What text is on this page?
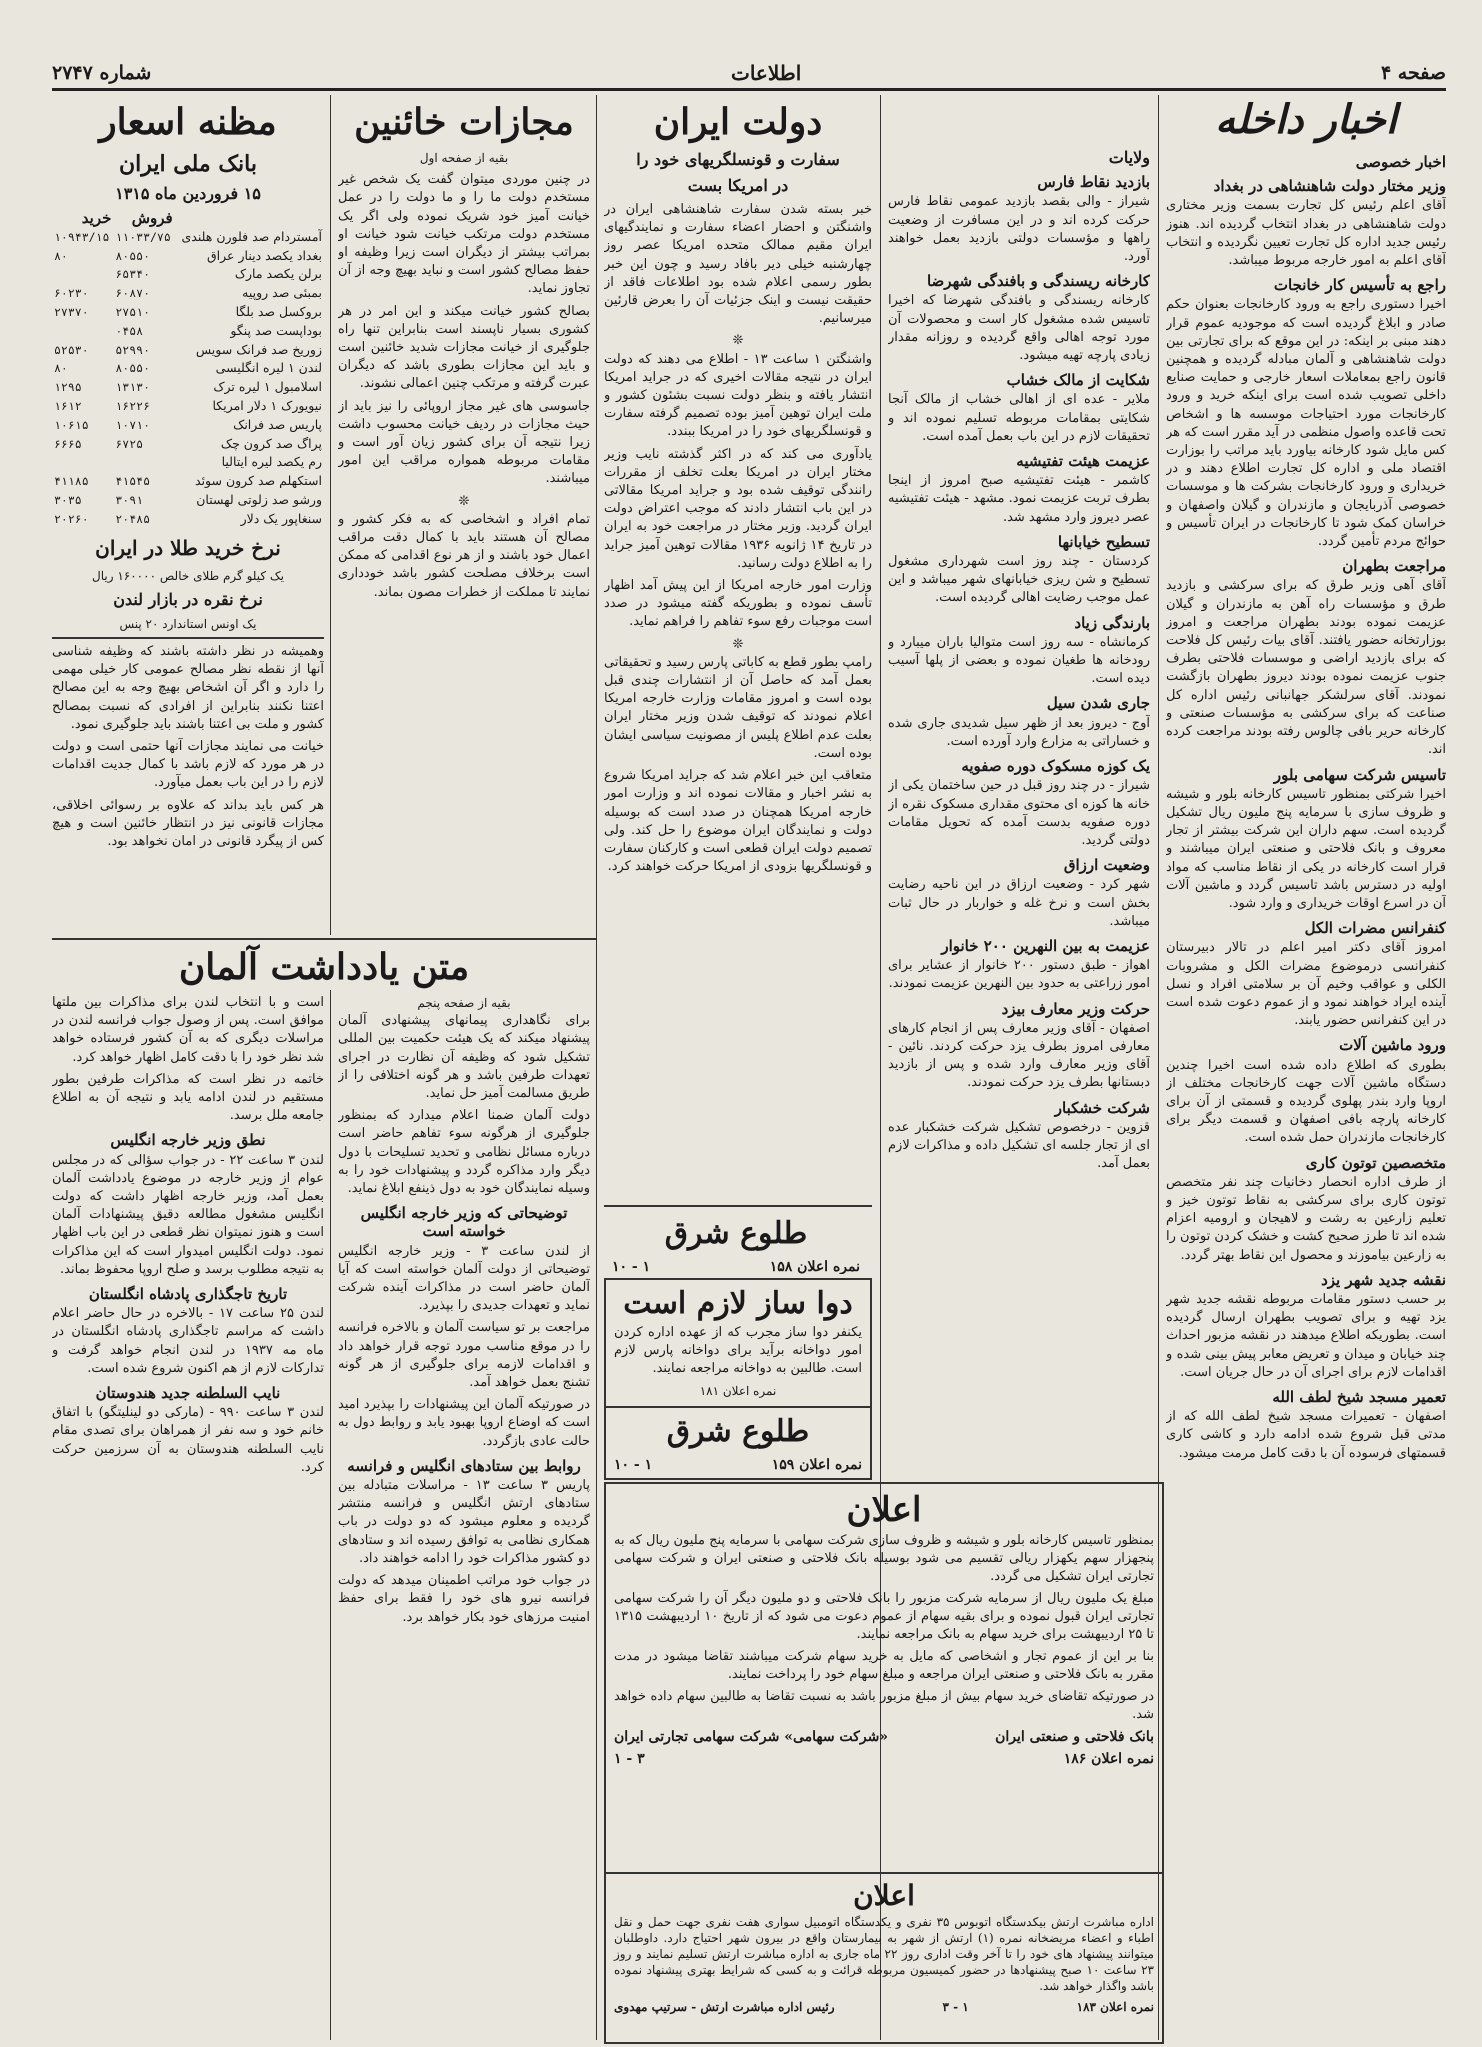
صفحه ۴
اطلاعات
شماره ۲۷۴۷
اخبار داخله
اخبار خصوصی
وزیر مختار دولت شاهنشاهی در بغداد

آقای اعلم رئیس کل تجارت بسمت وزیر مختاری دولت شاهنشاهی در بغداد انتخاب گردیده اند. هنوز رئیس جدید اداره کل تجارت تعیین نگردیده و انتخاب آقای اعلم به امور خارجه مربوط میباشد.

راجع به تأسیس کار خانجات

اخیرا دستوری راجع به ورود کارخانجات بعنوان حکم صادر و ابلاغ گردیده است که موجودیه عموم قرار دهند مبنی بر اینکه: در این موقع که برای تجارتی بین دولت شاهنشاهی و آلمان مبادله گردیده و همچنین قانون راجع بمعاملات اسعار خارجی و حمایت صنایع داخلی تصویب شده است برای اینکه خرید و ورود کارخانجات مورد احتیاجات موسسه ها و اشخاص تحت قاعده واصول منظمی در آید مقرر است که هر کس مایل شود کارخانه بیاورد باید مراتب را بوزارت اقتصاد ملی و اداره کل تجارت اطلاع دهند و در خریداری و ورود کارخانجات بشرکت ها و موسسات خصوصی آذربایجان و مازندران و گیلان واصفهان و خراسان کمک شود تا کارخانجات در ایران تأسیس و حوائج مردم تأمین گردد.

مراجعت بطهران

آقای آهی وزیر طرق که برای سرکشی و بازدید طرق و مؤسسات راه آهن به مازندران و گیلان عزیمت نموده بودند بطهران مراجعت و امروز بوزارتخانه حضور یافتند. آقای بیات رئیس کل فلاحت که برای بازدید اراضی و موسسات فلاحتی بطرف جنوب عزیمت نموده بودند دیروز بطهران بازگشت نمودند. آقای سرلشکر جهانبانی رئیس اداره کل صناعت که برای سرکشی به مؤسسات صنعتی و کارخانه حریر بافی چالوس رفته بودند مراجعت کرده اند.

تاسیس شرکت سهامی بلور

اخیرا شرکتی بمنظور تاسیس کارخانه بلور و شیشه و ظروف سازی با سرمایه پنج ملیون ریال تشکیل گردیده است. سهم داران این شرکت بیشتر از تجار معروف و بانک فلاحتی و صنعتی ایران میباشند و قرار است کارخانه در یکی از نقاط مناسب که مواد اولیه در دسترس باشد تاسیس گردد و ماشین آلات آن در اسرع اوقات خریداری و وارد شود.

کنفرانس مضرات الکل

امروز آقای دکتر امیر اعلم در تالار دبیرستان کنفرانسی درموضوع مضرات الکل و مشروبات الکلی و عواقب وخیم آن بر سلامتی افراد و نسل آینده ایراد خواهند نمود و از عموم دعوت شده است در این کنفرانس حضور یابند.

ورود ماشین آلات

بطوری که اطلاع داده شده است اخیرا چندین دستگاه ماشین آلات جهت کارخانجات مختلف از اروپا وارد بندر پهلوی گردیده و قسمتی از آن برای کارخانه پارچه بافی اصفهان و قسمت دیگر برای کارخانجات مازندران حمل شده است.

متخصصین توتون کاری

از طرف اداره انحصار دخانیات چند نفر متخصص توتون کاری برای سرکشی به نقاط توتون خیز و تعلیم زارعین به رشت و لاهیجان و ارومیه اعزام شده اند تا طرز صحیح کشت و خشک کردن توتون را به زارعین بیاموزند و محصول این نقاط بهتر گردد.

نقشه جدید شهر یزد

بر حسب دستور مقامات مربوطه نقشه جدید شهر یزد تهیه و برای تصویب بطهران ارسال گردیده است. بطوریکه اطلاع میدهند در نقشه مزبور احداث چند خیابان و میدان و تعریض معابر پیش بینی شده و اقدامات لازم برای اجرای آن در حال جریان است.

تعمیر مسجد شیخ لطف الله

اصفهان - تعمیرات مسجد شیخ لطف الله که از مدتی قبل شروع شده ادامه دارد و کاشی کاری قسمتهای فرسوده آن با دقت کامل مرمت میشود.

ولایات
بازدید نقاط فارس

شیراز - والی بقصد بازدید عمومی نقاط فارس حرکت کرده اند و در این مسافرت از وضعیت راهها و مؤسسات دولتی بازدید بعمل خواهند آورد.

کارخانه ریسندگی و بافندگی شهرضا

کارخانه ریسندگی و بافندگی شهرضا که اخیرا تاسیس شده مشغول کار است و محصولات آن مورد توجه اهالی واقع گردیده و روزانه مقدار زیادی پارچه تهیه میشود.

شکایت از مالک خشاب

ملایر - عده ای از اهالی خشاب از مالک آنجا شکایتی بمقامات مربوطه تسلیم نموده اند و تحقیقات لازم در این باب بعمل آمده است.

عزیمت هیئت تفتیشیه

کاشمر - هیئت تفتیشیه صبح امروز از اینجا بطرف تربت عزیمت نمود. مشهد - هیئت تفتیشیه عصر دیروز وارد مشهد شد.

تسطیح خیابانها

کردستان - چند روز است شهرداری مشغول تسطیح و شن ریزی خیابانهای شهر میباشد و این عمل موجب رضایت اهالی گردیده است.

بارندگی زیاد

کرمانشاه - سه روز است متوالیا باران میبارد و رودخانه ها طغیان نموده و بعضی از پلها آسیب دیده است.

جاری شدن سیل

آوج - دیروز بعد از ظهر سیل شدیدی جاری شده و خساراتی به مزارع وارد آورده است.

یک کوزه مسکوک دوره صفویه

شیراز - در چند روز قبل در حین ساختمان یکی از خانه ها کوزه ای محتوی مقداری مسکوک نقره از دوره صفویه بدست آمده که تحویل مقامات دولتی گردید.

وضعیت ارزاق

شهر کرد - وضعیت ارزاق در این ناحیه رضایت بخش است و نرخ غله و خواربار در حال ثبات میباشد.

عزیمت به بین النهرین ۲۰۰ خانوار

اهواز - طبق دستور ۲۰۰ خانوار از عشایر برای امور زراعتی به حدود بین النهرین عزیمت نمودند.

حرکت وزیر معارف بیزد

اصفهان - آقای وزیر معارف پس از انجام کارهای معارفی امروز بطرف یزد حرکت کردند. نائین - آقای وزیر معارف وارد شده و پس از بازدید دبستانها بطرف یزد حرکت نمودند.

شرکت خشکبار

قزوین - درخصوص تشکیل شرکت خشکبار عده ای از تجار جلسه ای تشکیل داده و مذاکرات لازم بعمل آمد.

دولت ایران
سفارت و قونسلگریهای خود را
در امریکا بست

خبر بسته شدن سفارت شاهنشاهی ایران در واشنگتن و احضار اعضاء سفارت و نمایندگیهای ایران مقیم ممالک متحده امریکا عصر روز چهارشنبه خیلی دیر بافاد رسید و چون این خبر بطور رسمی اعلام شده بود اطلاعات فاقد از حقیقت نیست و اینک جزئیات آن را بعرض قارئین میرسانیم.

❊

واشنگتن ۱ ساعت ۱۳ - اطلاع می دهند که دولت ایران در نتیجه مقالات اخیری که در جراید امریکا انتشار یافته و بنظر دولت نسبت بشئون کشور و ملت ایران توهین آمیز بوده تصمیم گرفته سفارت و قونسلگریهای خود را در امریکا ببندد.

یادآوری می کند که در اکثر گذشته نایب وزیر مختار ایران در امریکا بعلت تخلف از مقررات رانندگی توقیف شده بود و جراید امریکا مقالاتی در این باب انتشار دادند که موجب اعتراض دولت ایران گردید. وزیر مختار در مراجعت خود به ایران در تاریخ ۱۴ ژانویه ۱۹۳۶ مقالات توهین آمیز جراید را به اطلاع دولت رسانید.

وزارت امور خارجه امریکا از این پیش آمد اظهار تأسف نموده و بطوریکه گفته میشود در صدد است موجبات رفع سوء تفاهم را فراهم نماید.

❊

رامپ بطور قطع به کاباتی پارس رسید و تحقیقاتی بعمل آمد که حاصل آن از انتشارات چندی قبل بوده است و امروز مقامات وزارت خارجه امریکا اعلام نمودند که توقیف شدن وزیر مختار ایران بعلت عدم اطلاع پلیس از مصونیت سیاسی ایشان بوده است.

متعاقب این خبر اعلام شد که جراید امریکا شروع به نشر اخبار و مقالات نموده اند و وزارت امور خارجه امریکا همچنان در صدد است که بوسیله دولت و نمایندگان ایران موضوع را حل کند. ولی تصمیم دولت ایران قطعی است و کارکنان سفارت و قونسلگریها بزودی از امریکا حرکت خواهند کرد.

مجازات خائنین
بقیه از صفحه اول

در چنین موردی میتوان گفت یک شخص غیر مستخدم دولت ما را و ما دولت را در عمل خیانت آمیز خود شریک نموده ولی اگر یک مستخدم دولت مرتکب خیانت شود خیانت او بمراتب بیشتر از دیگران است زیرا وظیفه او حفظ مصالح کشور است و نباید بهیچ وجه از آن تجاوز نماید.

بصالح کشور خیانت میکند و این امر در هر کشوری بسیار ناپسند است بنابراین تنها راه جلوگیری از خیانت مجازات شدید خائنین است و باید این مجازات بطوری باشد که دیگران عبرت گرفته و مرتکب چنین اعمالی نشوند.

جاسوسی های غیر مجاز اروپائی را نیز باید از حیث مجازات در ردیف خیانت محسوب داشت زیرا نتیجه آن برای کشور زیان آور است و مقامات مربوطه همواره مراقب این امور میباشند.

❊

تمام افراد و اشخاصی که به فکر کشور و مصالح آن هستند باید با کمال دقت مراقب اعمال خود باشند و از هر نوع اقدامی که ممکن است برخلاف مصلحت کشور باشد خودداری نمایند تا مملکت از خطرات مصون بماند.

مظنه اسعار
بانک ملی ایران
۱۵ فروردین ماه ۱۳۱۵
	فروش	خرید
آمستردام صد فلورن هلندی	۱۱۰۳۳/۷۵	۱۰۹۴۳/۱۵
بغداد یکصد دینار عراق	۸۰۵۵۰	۸۰
برلن یکصد مارک	۶۵۳۴۰	
بمبئی صد روپیه	۶۰۸۷۰	۶۰۲۳۰
بروکسل صد بلگا	۲۷۵۱۰	۲۷۳۷۰
بوداپست صد پنگو	۰۴۵۸	
زوریخ صد فرانک سویس	۵۲۹۹۰	۵۲۵۳۰
لندن ۱ لیره انگلیسی	۸۰۵۵۰	۸۰
اسلامبول ۱ لیره ترک	۱۳۱۳۰	۱۲۹۵
نیویورک ۱ دلار امریکا	۱۶۲۲۶	۱۶۱۲
پاریس صد فرانک	۱۰۷۱۰	۱۰۶۱۵
پراگ صد کرون چک	۶۷۲۵	۶۶۶۵
رم یکصد لیره ایتالیا		
استکهلم صد کرون سوئد	۴۱۵۴۵	۴۱۱۸۵
ورشو صد زلوتی لهستان	۳۰۹۱	۳۰۳۵
سنغاپور یک دلار	۲۰۴۸۵	۲۰۲۶۰
نرخ خرید طلا در ایران
یک کیلو گرم طلای خالص ۱۶۰۰۰۰ ریال
نرخ نقره در بازار لندن
یک اونس استاندارد ۲۰ پنس

وهمیشه در نظر داشته باشند که وظیفه شناسی آنها از نقطه نظر مصالح عمومی کار خیلی مهمی را دارد و اگر آن اشخاص بهیچ وجه به این مصالح اعتنا نکنند بنابراین از افرادی که نسبت بمصالح کشور و ملت بی اعتنا باشند باید جلوگیری نمود.

خیانت می نمایند مجازات آنها حتمی است و دولت در هر مورد که لازم باشد با کمال جدیت اقدامات لازم را در این باب بعمل میآورد.

هر کس باید بداند که علاوه بر رسوائی اخلاقی، مجازات قانونی نیز در انتظار خائنین است و هیچ کس از پیگرد قانونی در امان نخواهد بود.

متن یادداشت آلمان
بقیه از صفحه پنجم

برای نگاهداری پیمانهای پیشنهادی آلمان پیشنهاد میکند که یک هیئت حکمیت بین المللی تشکیل شود که وظیفه آن نظارت در اجرای تعهدات طرفین باشد و هر گونه اختلافی را از طریق مسالمت آمیز حل نماید.

دولت آلمان ضمنا اعلام میدارد که بمنظور جلوگیری از هرگونه سوء تفاهم حاضر است درباره مسائل نظامی و تحدید تسلیحات با دول دیگر وارد مذاکره گردد و پیشنهادات خود را به وسیله نمایندگان خود به دول ذینفع ابلاغ نماید.

توضیحاتی که وزیر خارجه انگلیس خواسته است

از لندن ساعت ۳ - وزیر خارجه انگلیس توضیحاتی از دولت آلمان خواسته است که آیا آلمان حاضر است در مذاکرات آینده شرکت نماید و تعهدات جدیدی را بپذیرد.

مراجعت بر تو سیاست آلمان و بالاخره فرانسه را در موقع مناسب مورد توجه قرار خواهد داد و اقدامات لازمه برای جلوگیری از هر گونه تشنج بعمل خواهد آمد.

در صورتیکه آلمان این پیشنهادات را بپذیرد امید است که اوضاع اروپا بهبود یابد و روابط دول به حالت عادی بازگردد.

روابط بین ستادهای انگلیس و فرانسه

پاریس ۳ ساعت ۱۳ - مراسلات متبادله بین ستادهای ارتش انگلیس و فرانسه منتشر گردیده و معلوم میشود که دو دولت در باب همکاری نظامی به توافق رسیده اند و ستادهای دو کشور مذاکرات خود را ادامه خواهند داد.

در جواب خود مراتب اطمینان میدهد که دولت فرانسه نیرو های خود را فقط برای حفظ امنیت مرزهای خود بکار خواهد برد.

است و با انتخاب لندن برای مذاکرات بین ملتها موافق است. پس از وصول جواب فرانسه لندن در مراسلات دیگری که به آن کشور فرستاده خواهد شد نظر خود را با دقت کامل اظهار خواهد کرد.

خاتمه در نظر است که مذاکرات طرفین بطور مستقیم در لندن ادامه یابد و نتیجه آن به اطلاع جامعه ملل برسد.

نطق وزیر خارجه انگلیس

لندن ۳ ساعت ۲۲ - در جواب سؤالی که در مجلس عوام از وزیر خارجه در موضوع یادداشت آلمان بعمل آمد، وزیر خارجه اظهار داشت که دولت انگلیس مشغول مطالعه دقیق پیشنهادات آلمان است و هنوز نمیتوان نظر قطعی در این باب اظهار نمود. دولت انگلیس امیدوار است که این مذاکرات به نتیجه مطلوب برسد و صلح اروپا محفوظ بماند.

تاریخ تاجگذاری پادشاه انگلستان

لندن ۲۵ ساعت ۱۷ - بالاخره در حال حاضر اعلام داشت که مراسم تاجگذاری پادشاه انگلستان در ماه مه ۱۹۳۷ در لندن انجام خواهد گرفت و تدارکات لازم از هم اکنون شروع شده است.

نایب السلطنه جدید هندوستان

لندن ۳ ساعت ۹۹۰ - (مارکی دو لینلیتگو) با اتفاق خانم خود و سه نفر از همراهان برای تصدی مقام نایب السلطنه هندوستان به آن سرزمین حرکت کرد.

طلوع شرق
نمره اعلان ۱۵۸
۱ - ۱۰
دوا ساز لازم است

یکنفر دوا ساز مجرب که از عهده اداره کردن امور دواخانه برآید برای دواخانه پارس لازم است. طالبین به دواخانه مراجعه نمایند.

نمره اعلان ۱۸۱
طلوع شرق
نمره اعلان ۱۵۹
۱ - ۱۰
اعلان

بمنظور تاسیس کارخانه بلور و شیشه و ظروف سازی شرکت سهامی با سرمایه پنج ملیون ریال که به پنجهزار سهم یکهزار ریالی تقسیم می شود بوسیله بانک فلاحتی و صنعتی ایران و شرکت سهامی تجارتی ایران تشکیل می گردد.

مبلغ یک ملیون ریال از سرمایه شرکت مزبور را بانک فلاحتی و دو ملیون دیگر آن را شرکت سهامی تجارتی ایران قبول نموده و برای بقیه سهام از عموم دعوت می شود که از تاریخ ۱۰ اردیبهشت ۱۳۱۵ تا ۲۵ اردیبهشت برای خرید سهام به بانک مراجعه نمایند.

بنا بر این از عموم تجار و اشخاصی که مایل به خرید سهام شرکت میباشند تقاضا میشود در مدت مقرر به بانک فلاحتی و صنعتی ایران مراجعه و مبلغ سهام خود را پرداخت نمایند.

در صورتیکه تقاضای خرید سهام بیش از مبلغ مزبور باشد به نسبت تقاضا به طالبین سهام داده خواهد شد.

بانک فلاحتی و صنعتی ایران
«شرکت سهامی» شرکت سهامی تجارتی ایران
نمره اعلان ۱۸۶
۳ - ۱
اعلان

اداره مباشرت ارتش بیکدستگاه اتوبوس ۳۵ نفری و یکدستگاه اتومبیل سواری هفت نفری جهت حمل و نقل اطباء و اعضاء مریضخانه نمره (۱) ارتش از شهر به بیمارستان واقع در بیرون شهر احتیاج دارد. داوطلبان میتوانند پیشنهاد های خود را تا آخر وقت اداری روز ۲۲ ماه جاری به اداره مباشرت ارتش تسلیم نمایند و روز ۲۳ ساعت ۱۰ صبح پیشنهادها در حضور کمیسیون مربوطه قرائت و به کسی که شرایط بهتری پیشنهاد نموده باشد واگذار خواهد شد.

نمره اعلان ۱۸۳
۱ - ۳
رئیس اداره مباشرت ارتش - سرتیپ مهدوی
